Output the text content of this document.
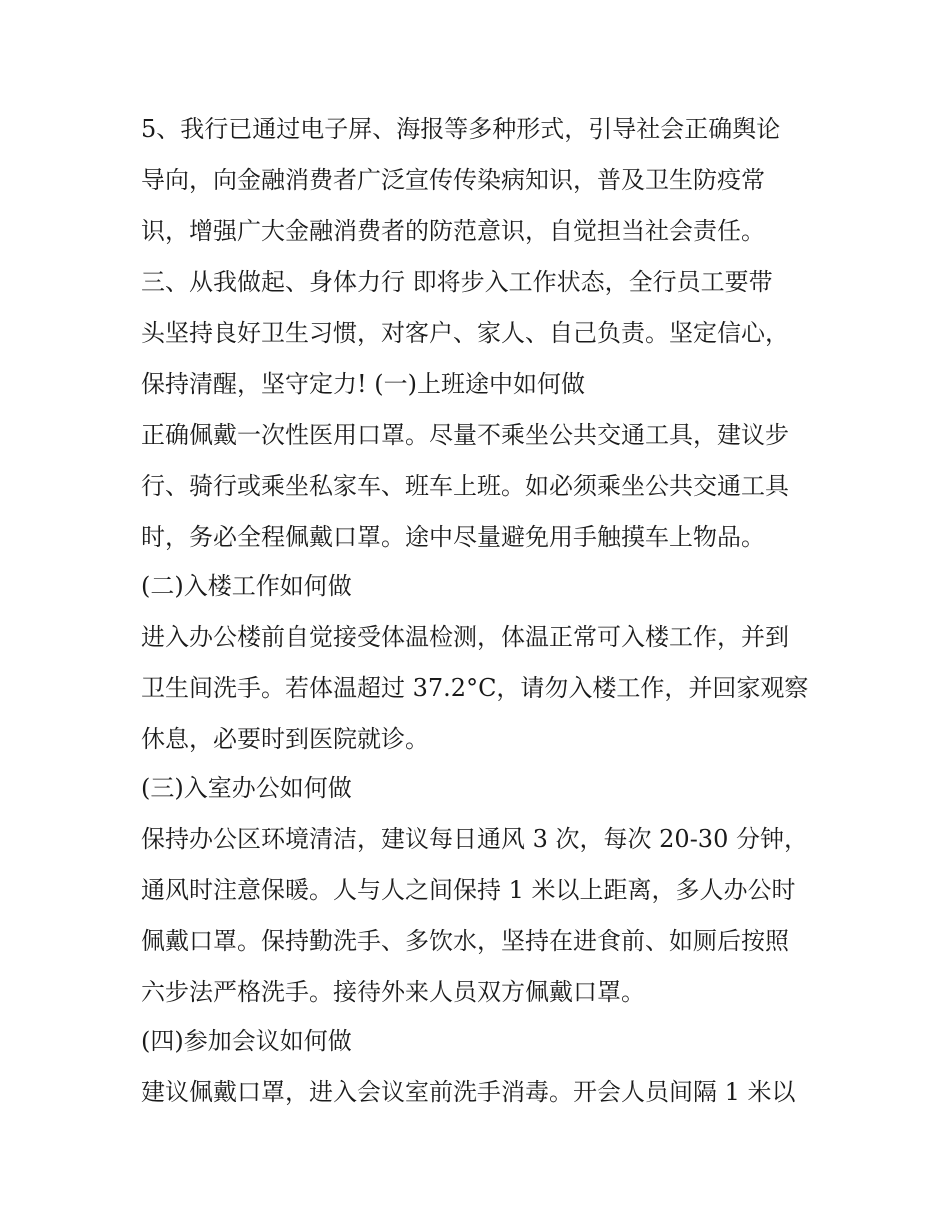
5、我行已通过电子屏、海报等多种形式，引导社会正确舆论
导向，向金融消费者广泛宣传传染病知识，普及卫生防疫常
识，增强广大金融消费者的防范意识，自觉担当社会责任。
三、从我做起、身体力行 即将步入工作状态，全行员工要带
头坚持良好卫生习惯，对客户、家人、自己负责。坚定信心，
保持清醒，坚守定力! (一)上班途中如何做
正确佩戴一次性医用口罩。尽量不乘坐公共交通工具，建议步
行、骑行或乘坐私家车、班车上班。如必须乘坐公共交通工具
时，务必全程佩戴口罩。途中尽量避免用手触摸车上物品。
(二)入楼工作如何做
进入办公楼前自觉接受体温检测，体温正常可入楼工作，并到
卫生间洗手。若体温超过 37.2°C，请勿入楼工作，并回家观察
休息，必要时到医院就诊。
(三)入室办公如何做
保持办公区环境清洁，建议每日通风 3 次，每次 20-30 分钟，
通风时注意保暖。人与人之间保持 1 米以上距离，多人办公时
佩戴口罩。保持勤洗手、多饮水，坚持在进食前、如厕后按照
六步法严格洗手。接待外来人员双方佩戴口罩。
(四)参加会议如何做
建议佩戴口罩，进入会议室前洗手消毒。开会人员间隔 1 米以
